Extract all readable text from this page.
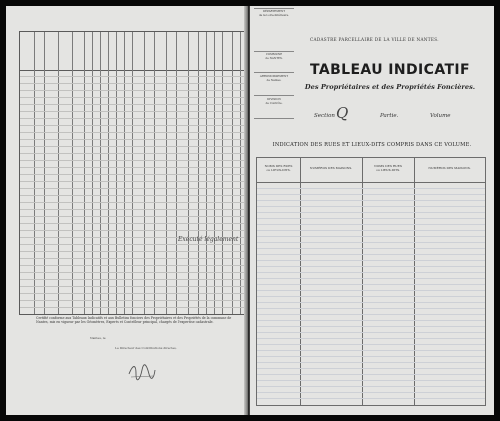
Exécuté légalement

Certifié conforme aux Tableaux Indicatifs et aux Bulletins fonciers des Propriétaires et des Propriétés de la commune de

Nantes, mis en vigueur par les Géomètres, Experts et Contrôleur principal, chargés de l'expertise cadastrale.

Nantes, le
Le Directeur des Contributions directes,
DÉPARTEMENT
de la Loire-Inférieure.
COMMUNE
de NANTES.
ARRONDISSEMENT
de Nantes.
DIVISION
de Contrôle.
CADASTRE PARCELLAIRE DE LA VILLE DE NANTES.
TABLEAU INDICATIF
Des Propriétaires et des Propriétés Foncières.
Section Q	Partie.	Volume
INDICATION DES RUES ET LIEUX-DITS COMPRIS DANS CE VOLUME.
NOMS DES RUES
ou LIEUX-DITS.	NUMÉROS DES MAISONS.	NOMS DES RUES
ou LIEUX-DITS.	NUMÉROS DES MAISONS.
